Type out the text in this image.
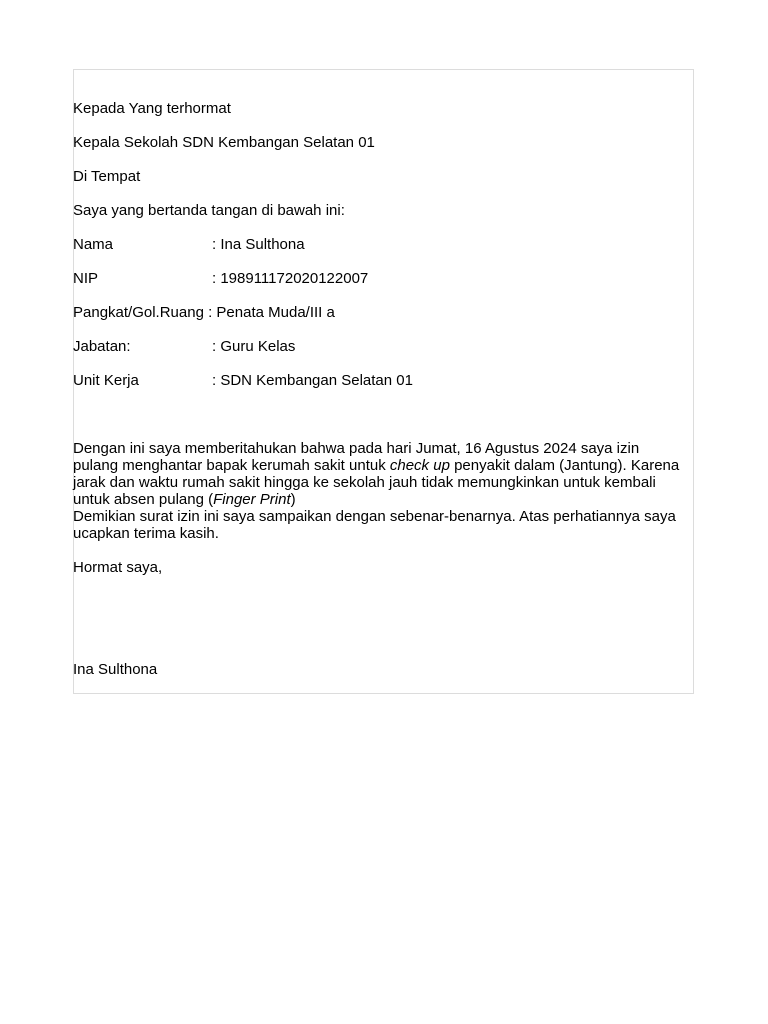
Kepada Yang terhormat

Kepala Sekolah SDN Kembangan Selatan 01

Di Tempat

Saya yang bertanda tangan di bawah ini:

Nama	: Ina Sulthona
NIP	: 198911172020122007
Pangkat/Gol.Ruang : Penata Muda/III a
Jabatan:	: Guru Kelas
Unit Kerja	: SDN Kembangan Selatan 01

Dengan ini saya memberitahukan bahwa pada hari Jumat, 16 Agustus 2024 saya izin pulang menghantar bapak kerumah sakit untuk check up penyakit dalam (Jantung). Karena jarak dan waktu rumah sakit hingga ke sekolah jauh tidak memungkinkan untuk kembali untuk absen pulang (Finger Print)

Demikian surat izin ini saya sampaikan dengan sebenar-benarnya. Atas perhatiannya saya ucapkan terima kasih.

Hormat saya,

Ina Sulthona
